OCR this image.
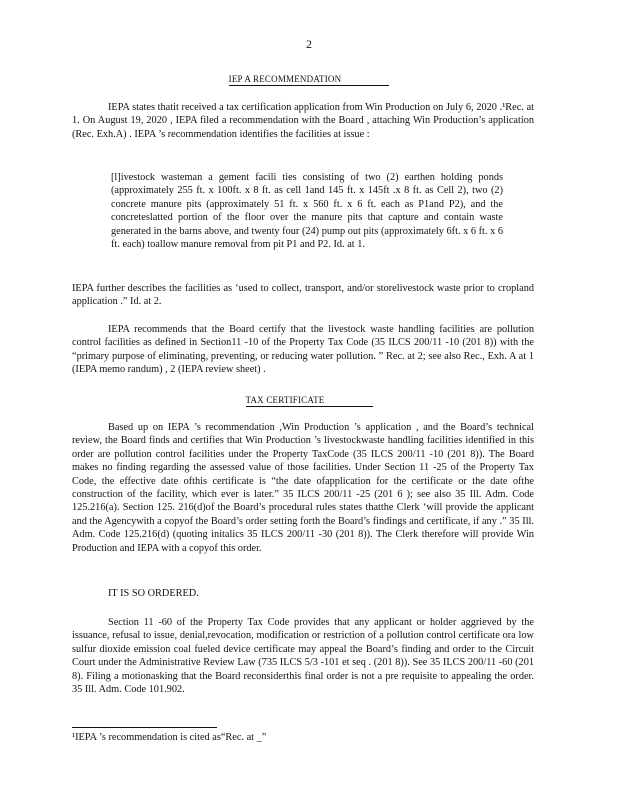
2
IEP A RECOMMENDATION

IEPA states thatit received a tax certification application from Win Production on July 6, 2020 .¹Rec. at 1. On August 19, 2020 , IEPA filed a recommendation with the Board , attaching Win Production’s application (Rec. Exh.A) . IEPA ’s recommendation identifies the facilities at issue :

[l]ivestock wasteman a gement facili ties consisting of two (2) earthen holding ponds (approximately 255 ft. x 100ft. x 8 ft. as cell 1and 145 ft. x 145ft .x 8 ft. as Cell 2), two (2) concrete manure pits (approximately 51 ft. x 560 ft. x 6 ft. each as P1and P2), and the concreteslatted portion of the floor over the manure pits that capture and contain waste generated in the barns above, and twenty four (24) pump out pits (approximately 6ft. x 6 ft. x 6 ft. each) toallow manure removal from pit P1 and P2. Id. at 1.

IEPA further describes the facilities as ‘used to collect, transport, and/or storelivestock waste prior to cropland application .” Id. at 2.

IEPA recommends that the Board certify that the livestock waste handling facilities are pollution control facilities as defined in Section11 -10 of the Property Tax Code (35 ILCS 200/11 -10 (201 8)) with the “primary purpose of eliminating, preventing, or reducing water pollution. ” Rec. at 2; see also Rec., Exh. A at 1 (IEPA memo randum) , 2 (IEPA review sheet) .

TAX CERTIFICATE

Based up on IEPA ’s recommendation ,Win Production ’s application , and the Board’s technical review, the Board finds and certifies that Win Production ’s livestockwaste handling facilities identified in this order are pollution control facilities under the Property TaxCode (35 ILCS 200/11 -10 (201 8)). The Board makes no finding regarding the assessed value of those facilities. Under Section 11 -25 of the Property Tax Code, the effective date ofthis certificate is “the date ofapplication for the certificate or the date ofthe construction of the facility, which ever is later.” 35 ILCS 200/11 -25 (201 6 ); see also 35 Ill. Adm. Code 125.216(a). Section 125. 216(d)of the Board’s procedural rules states thatthe Clerk ‘will provide the applicant and the Agencywith a copyof the Board’s order setting forth the Board’s findings and certificate, if any .” 35 Ill. Adm. Code 125.216(d) (quoting initalics 35 ILCS 200/11 -30 (201 8)). The Clerk therefore will provide Win Production and IEPA with a copyof this order.

IT IS SO ORDERED.

Section 11 -60 of the Property Tax Code provides that any applicant or holder aggrieved by the issuance, refusal to issue, denial,revocation, modification or restriction of a pollution control certificate ora low sulfur dioxide emission coal fueled device certificate may appeal the Board’s finding and order to the Circuit Court under the Administrative Review Law (735 ILCS 5/3 -101 et seq . (201 8)). See 35 ILCS 200/11 -60 (201 8). Filing a motionasking that the Board reconsiderthis final order is not a pre requisite to appealing the order. 35 Ill. Adm. Code 101.902.

¹IEPA ’s recommendation is cited as“Rec. at _”
